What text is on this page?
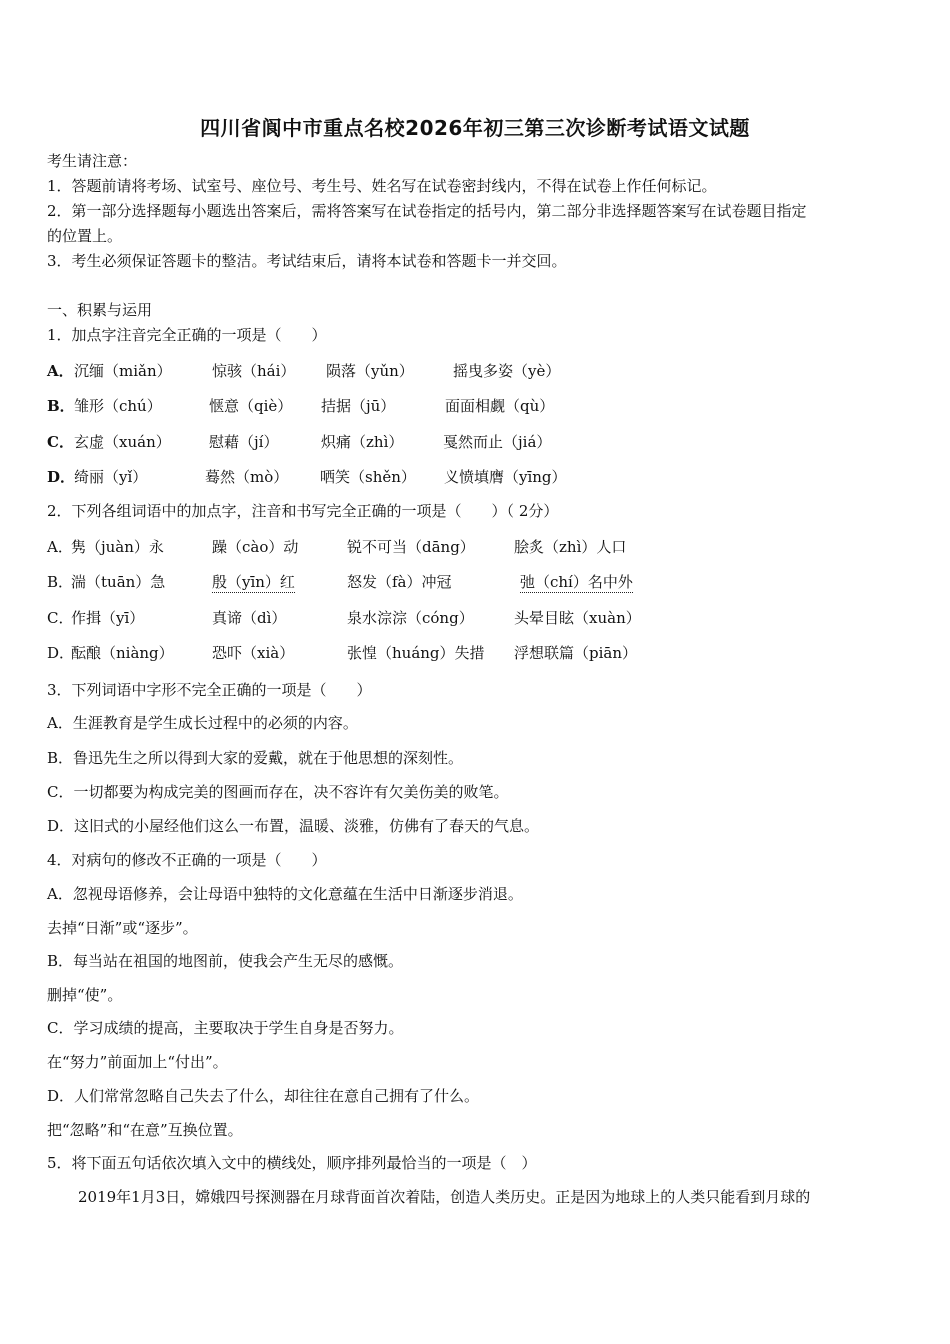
四川省阆中市重点名校2026年初三第三次诊断考试语文试题
考生请注意：
1．答题前请将考场、试室号、座位号、考生号、姓名写在试卷密封线内，不得在试卷上作任何标记。
2．第一部分选择题每小题选出答案后，需将答案写在试卷指定的括号内，第二部分非选择题答案写在试卷题目指定
的位置上。
3．考生必须保证答题卡的整洁。考试结束后，请将本试卷和答题卡一并交回。
一、积累与运用
1．加点字注音完全正确的一项是（　　）
A． 沉缅（miǎn）	惊骇（hái） 陨落（yǔn）	摇曳多姿（yè）
B． 雏形（chú）	惬意（qiè） 拮据（jū）	面面相觑（qù）
C． 玄虚（xuán）	慰藉（jí）	炽痛（zhì）	戛然而止（jiá）
D．
绮丽（yǐ）	蓦然（mò） 哂笑（shěn） 义愤填膺（yīng）
2．下列各组词语中的加点字，注音和书写完全正确的一项是（　　）（ 2分）
A．
隽（juàn）永	躁（cào）动	锐不可当（dāng）	脍炙（zhì）人口
B．
湍（tuān）急	殷（yīn）红	怒发（fà）冲冠	弛（chí）名中外
C．
作揖（yī）	真谛（dì）	泉水淙淙（cóng）	头晕目眩（xuàn）
D．
酝酿（niàng）	恐吓（xià）	张惶（huáng）失措 浮想联篇（piān）
3．下列词语中字形不完全正确的一项是（　　）
A．生涯教育是学生成长过程中的必须的内容。
B．鲁迅先生之所以得到大家的爱戴，就在于他思想的深刻性。
C．一切都要为构成完美的图画而存在，决不容许有欠美伤美的败笔。
D．这旧式的小屋经他们这么一布置，温暖、淡雅，仿佛有了春天的气息。
4．对病句的修改不正确的一项是（　　）
A．忽视母语修养，会让母语中独特的文化意蕴在生活中日渐逐步消退。
去掉“日渐”或“逐步”。
B．每当站在祖国的地图前，使我会产生无尽的感慨。
删掉“使”。
C．学习成绩的提高，主要取决于学生自身是否努力。
在“努力”前面加上“付出”。
D．人们常常忽略自己失去了什么，却往往在意自己拥有了什么。
把“忽略”和“在意”互换位置。
5．将下面五句话依次填入文中的横线处，顺序排列最恰当的一项是（　）
2019年1月3日，嫦娥四号探测器在月球背面首次着陆，创造人类历史。正是因为地球上的人类只能看到月球的
